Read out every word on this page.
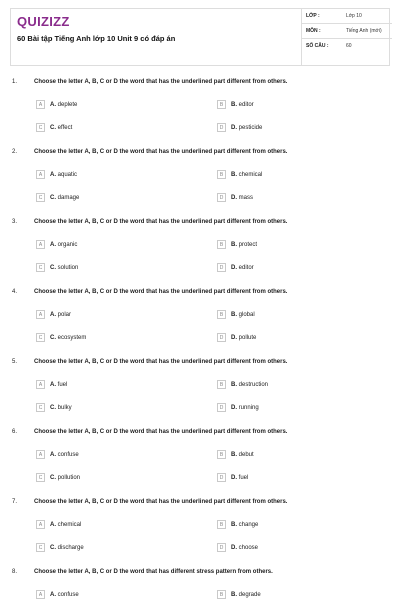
QUIZIZZ
60 Bài tập Tiếng Anh lớp 10 Unit 9 có đáp án
LỚP :	Lớp 10
MÔN :	Tiếng Anh (mới)
SỐ CÂU :	60
1.	Choose the letter A, B, C or D the word that has the underlined part different from others.
A	A. deplete	B	B. editor
C	C. effect	D	D. pesticide
2.	Choose the letter A, B, C or D the word that has the underlined part different from others.
A	A. aquatic	B	B. chemical
C	C. damage	D	D. mass
3.	Choose the letter A, B, C or D the word that has the underlined part different from others.
A	A. organic	B	B. protect
C	C. solution	D	D. editor
4.	Choose the letter A, B, C or D the word that has the underlined part different from others.
A	A. polar	B	B. global
C	C. ecosystem	D	D. pollute
5.	Choose the letter A, B, C or D the word that has the underlined part different from others.
A	A. fuel	B	B. destruction
C	C. bulky	D	D. running
6.	Choose the letter A, B, C or D the word that has the underlined part different from others.
A	A. confuse	B	B. debut
C	C. pollution	D	D. fuel
7.	Choose the letter A, B, C or D the word that has the underlined part different from others.
A	A. chemical	B	B. change
C	C. discharge	D	D. choose
8.	Choose the letter A, B, C or D the word that has different stress pattern from others.
A	A. confuse	B	B. degrade
